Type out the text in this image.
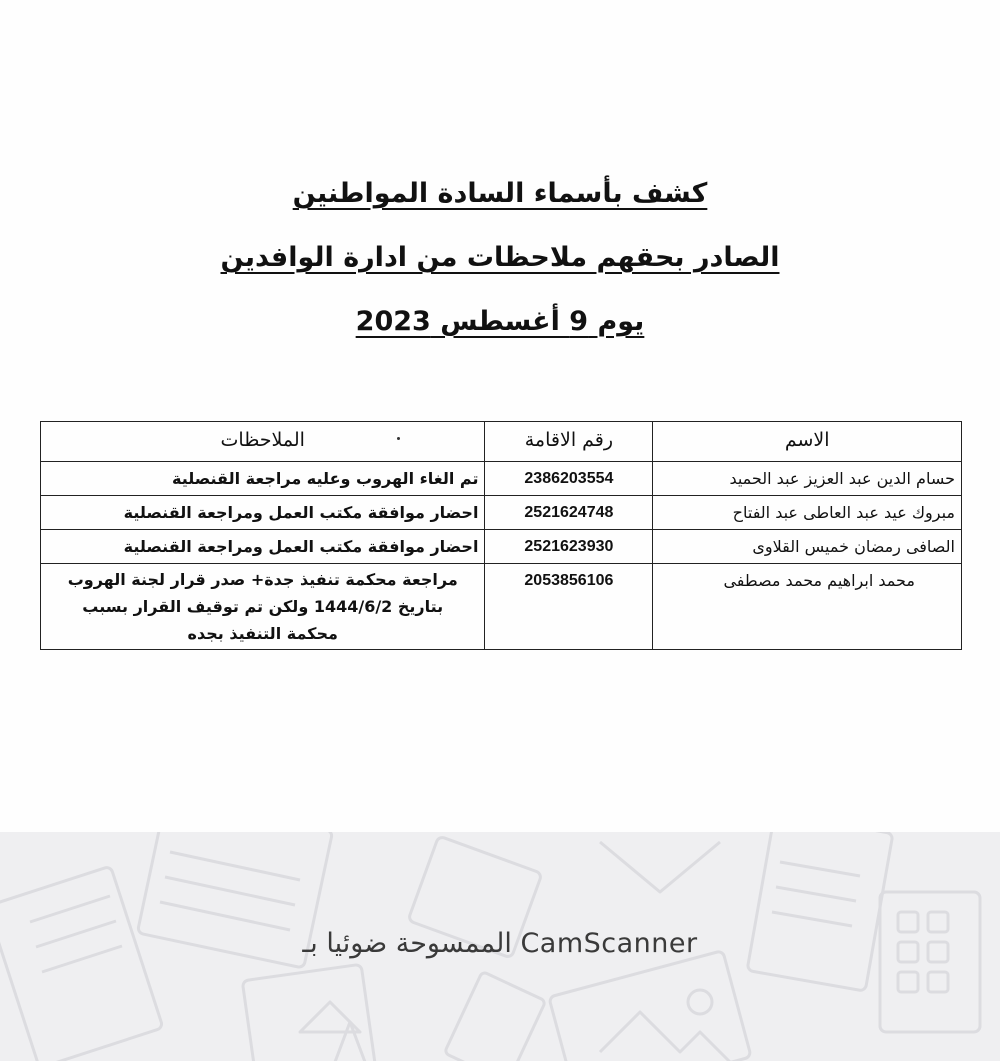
كشف بأسماء السادة المواطنين
الصادر بحقهم ملاحظات من ادارة الوافدين
يوم 9 أغسطس 2023
الاسم	رقم الاقامة	الملاحظات
حسام الدين عبد العزيز عبد الحميد	2386203554	تم الغاء الهروب وعليه مراجعة القنصلية
مبروك عيد عبد العاطى عبد الفتاح	2521624748	احضار موافقة مكتب العمل ومراجعة القنصلية
الصافى رمضان خميس القلاوى	2521623930	احضار موافقة مكتب العمل ومراجعة القنصلية
محمد ابراهيم محمد مصطفى	2053856106	مراجعة محكمة تنفيذ جدة+ صدر قرار لجنة الهروب
بتاريخ 1444/6/2 ولكن تم توقيف القرار بسبب
محكمة التنفيذ بجده
الممسوحة ضوئيا بـ CamScanner
